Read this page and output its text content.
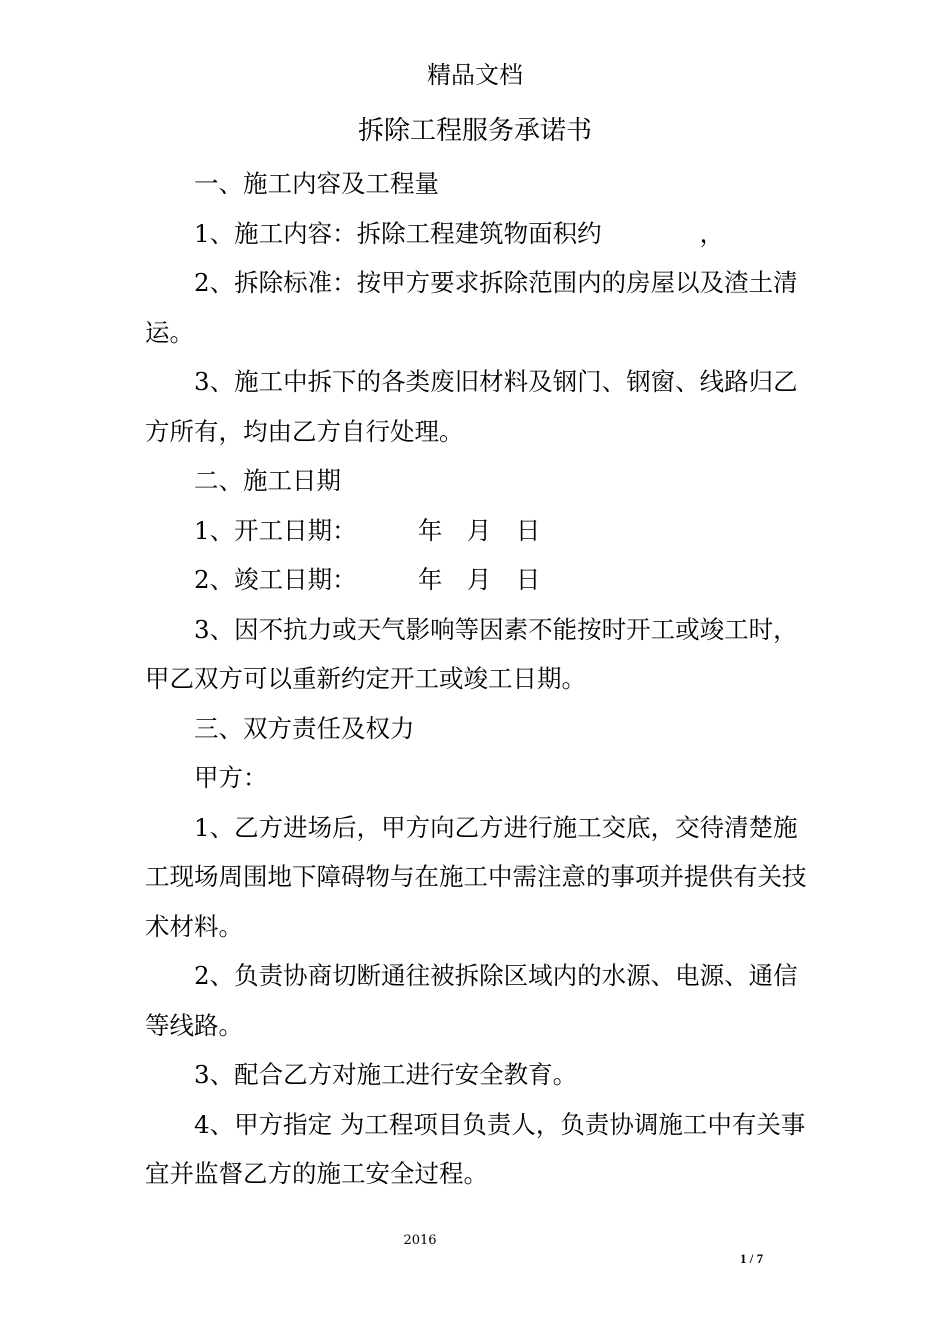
精品文档
拆除工程服务承诺书

一、施工内容及工程量

1、施工内容：拆除工程建筑物面积约　　　　，

2、拆除标准：按甲方要求拆除范围内的房屋以及渣土清运。

3、施工中拆下的各类废旧材料及钢门、钢窗、线路归乙方所有，均由乙方自行处理。

二、施工日期

1、开工日期：　　　年　月　日

2、竣工日期：　　　年　月　日

3、因不抗力或天气影响等因素不能按时开工或竣工时，甲乙双方可以重新约定开工或竣工日期。

三、双方责任及权力

甲方：

1、乙方进场后，甲方向乙方进行施工交底，交待清楚施工现场周围地下障碍物与在施工中需注意的事项并提供有关技术材料。

2、负责协商切断通往被拆除区域内的水源、电源、通信等线路。

3、配合乙方对施工进行安全教育。

4、甲方指定 为工程项目负责人，负责协调施工中有关事宜并监督乙方的施工安全过程。

2016
1 / 7
